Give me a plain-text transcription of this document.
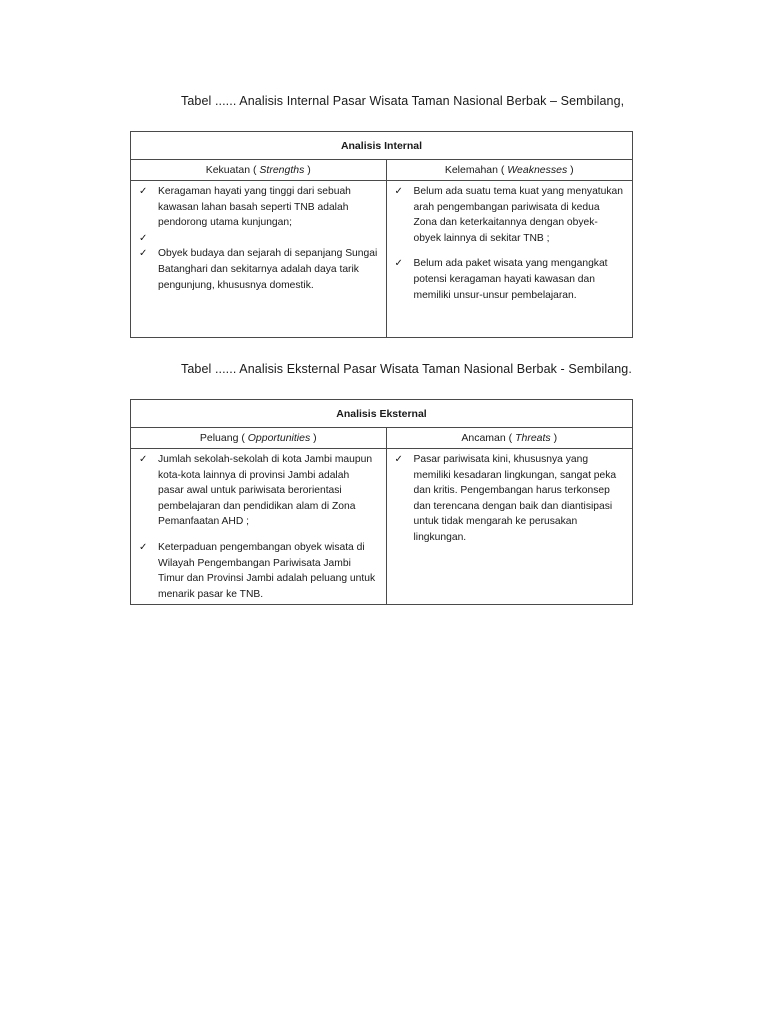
Tabel ...... Analisis Internal Pasar Wisata Taman Nasional Berbak – Sembilang,
Analisis Internal
Kekuatan ( Strengths )	Kelemahan ( Weaknesses )
✓ Keragaman hayati yang tinggi dari sebuah kawasan lahan basah seperti TNB adalah pendorong utama kunjungan;
✓
✓ Obyek budaya dan sejarah di sepanjang Sungai Batanghari dan sekitarnya adalah daya tarik pengunjung, khususnya domestik.
✓ Belum ada suatu tema kuat yang menyatukan arah pengembangan pariwisata di kedua Zona dan keterkaitannya dengan obyek-obyek lainnya di sekitar TNB ;
✓ Belum ada paket wisata yang mengangkat potensi keragaman hayati kawasan dan memiliki unsur-unsur pembelajaran.
Tabel ...... Analisis Eksternal Pasar Wisata Taman Nasional Berbak - Sembilang.
Analisis Eksternal
Peluang ( Opportunities )	Ancaman ( Threats )
✓ Jumlah sekolah-sekolah di kota Jambi maupun kota-kota lainnya di provinsi Jambi adalah pasar awal untuk pariwisata berorientasi pembelajaran dan pendidikan alam di Zona Pemanfaatan AHD ;
✓ Keterpaduan pengembangan obyek wisata di Wilayah Pengembangan Pariwisata Jambi Timur dan Provinsi Jambi adalah peluang untuk menarik pasar ke TNB.
✓ Pasar pariwisata kini, khususnya yang memiliki kesadaran lingkungan, sangat peka dan kritis. Pengembangan harus terkonsep dan terencana dengan baik dan diantisipasi untuk tidak mengarah ke perusakan lingkungan.
